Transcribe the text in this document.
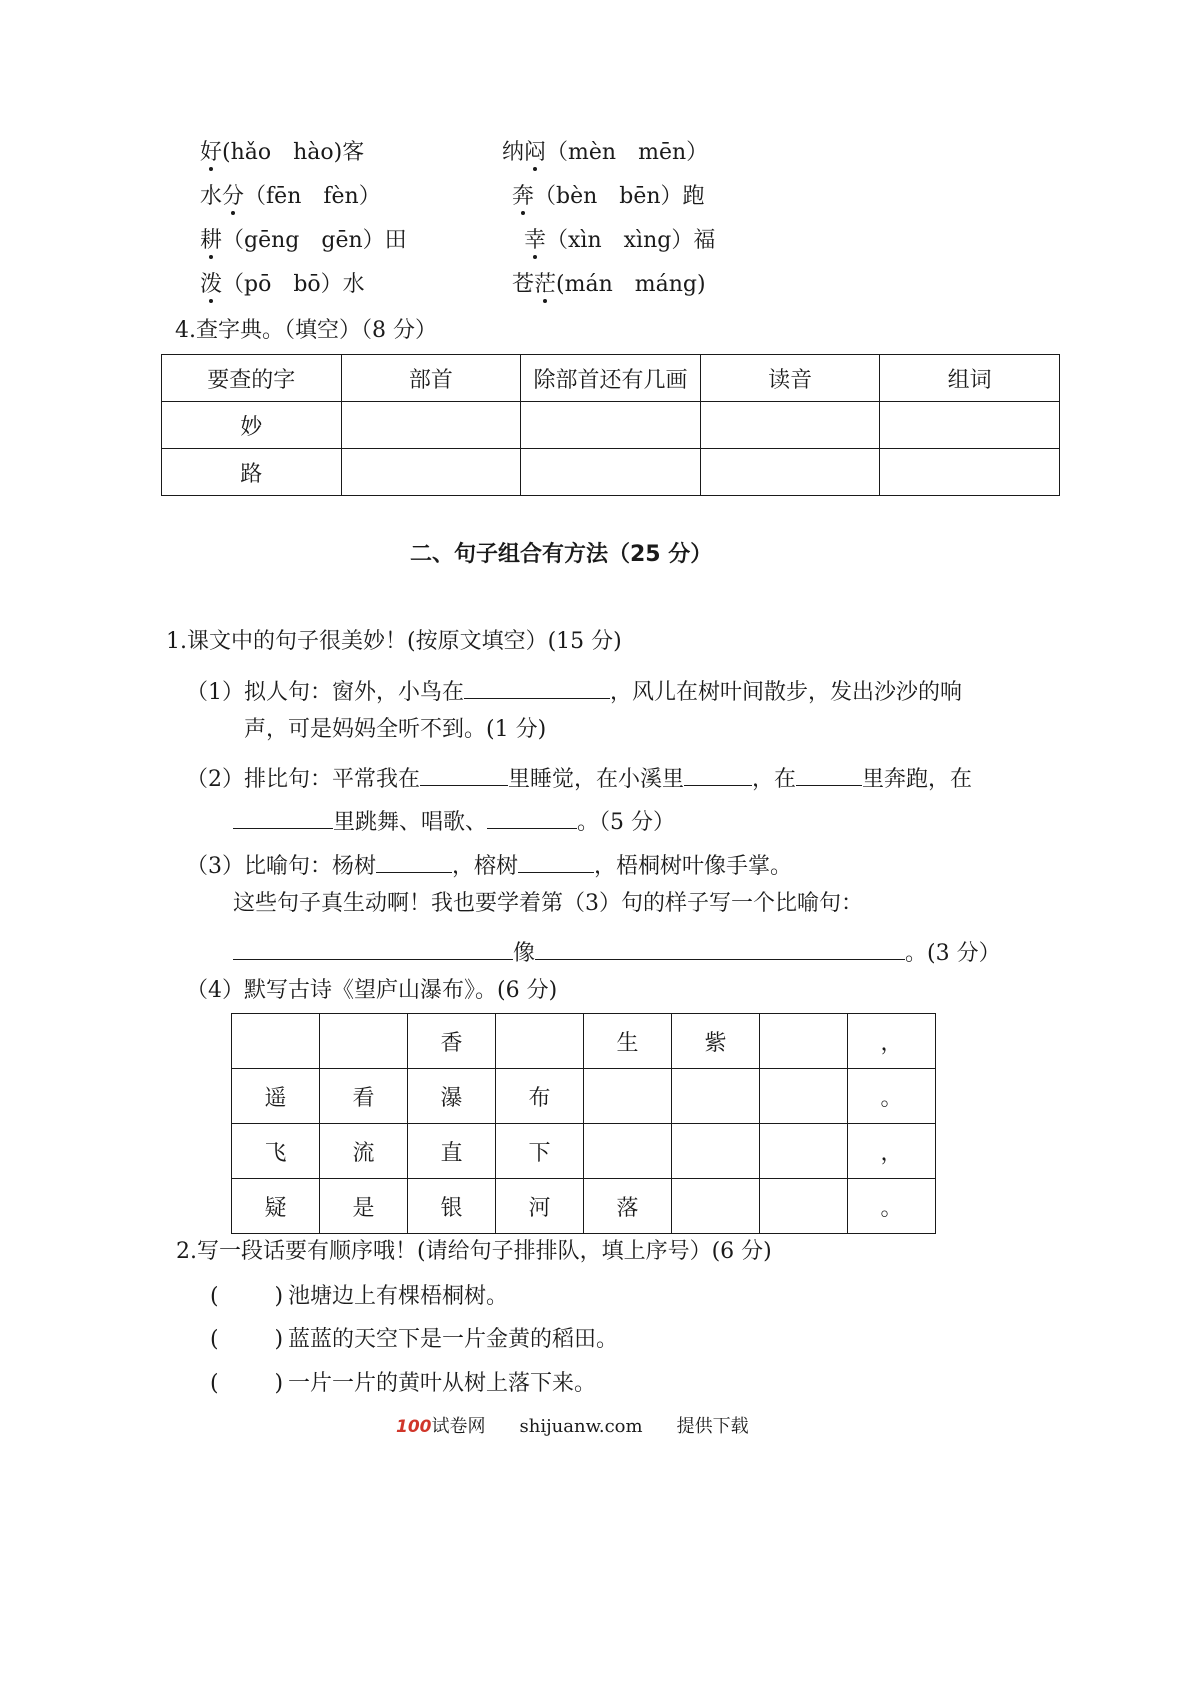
好(hǎo　hào)客	纳闷（mèn　mēn）
水分（fēn　fèn）	奔（bèn　bēn）跑
耕（gēng　gēn）田	幸（xìn　xìng）福
泼（pō　bō）水	苍茫(mán　máng)
4.查字典。（填空）（8 分）
要查的字	部首	除部首还有几画	读音	组词
妙				
路				
二、句子组合有方法（25 分）
1.课文中的句子很美妙！(按原文填空）(15 分)
（1）拟人句：窗外，小鸟在	，风儿在树叶间散步，发出沙沙的响
声，可是妈妈全听不到。(1 分)
（2）排比句：平常我在	里睡觉，在小溪里	，在	里奔跑，在
里跳舞、唱歌、	。（5 分）
（3）比喻句：杨树	，榕树	，梧桐树叶像手掌。
这些句子真生动啊！我也要学着第（3）句的样子写一个比喻句：
像	。(3 分）
（4）默写古诗《望庐山瀑布》。(6 分)
		香		生	紫		，
遥	看	瀑	布				。
飞	流	直	下				，
疑	是	银	河	落			。
2.写一段话要有顺序哦！(请给句子排排队，填上序号）(6 分)
(        ) 池塘边上有棵梧桐树。
(        ) 蓝蓝的天空下是一片金黄的稻田。
(        ) 一片一片的黄叶从树上落下来。
100试卷网 shijuanw.com 提供下载
